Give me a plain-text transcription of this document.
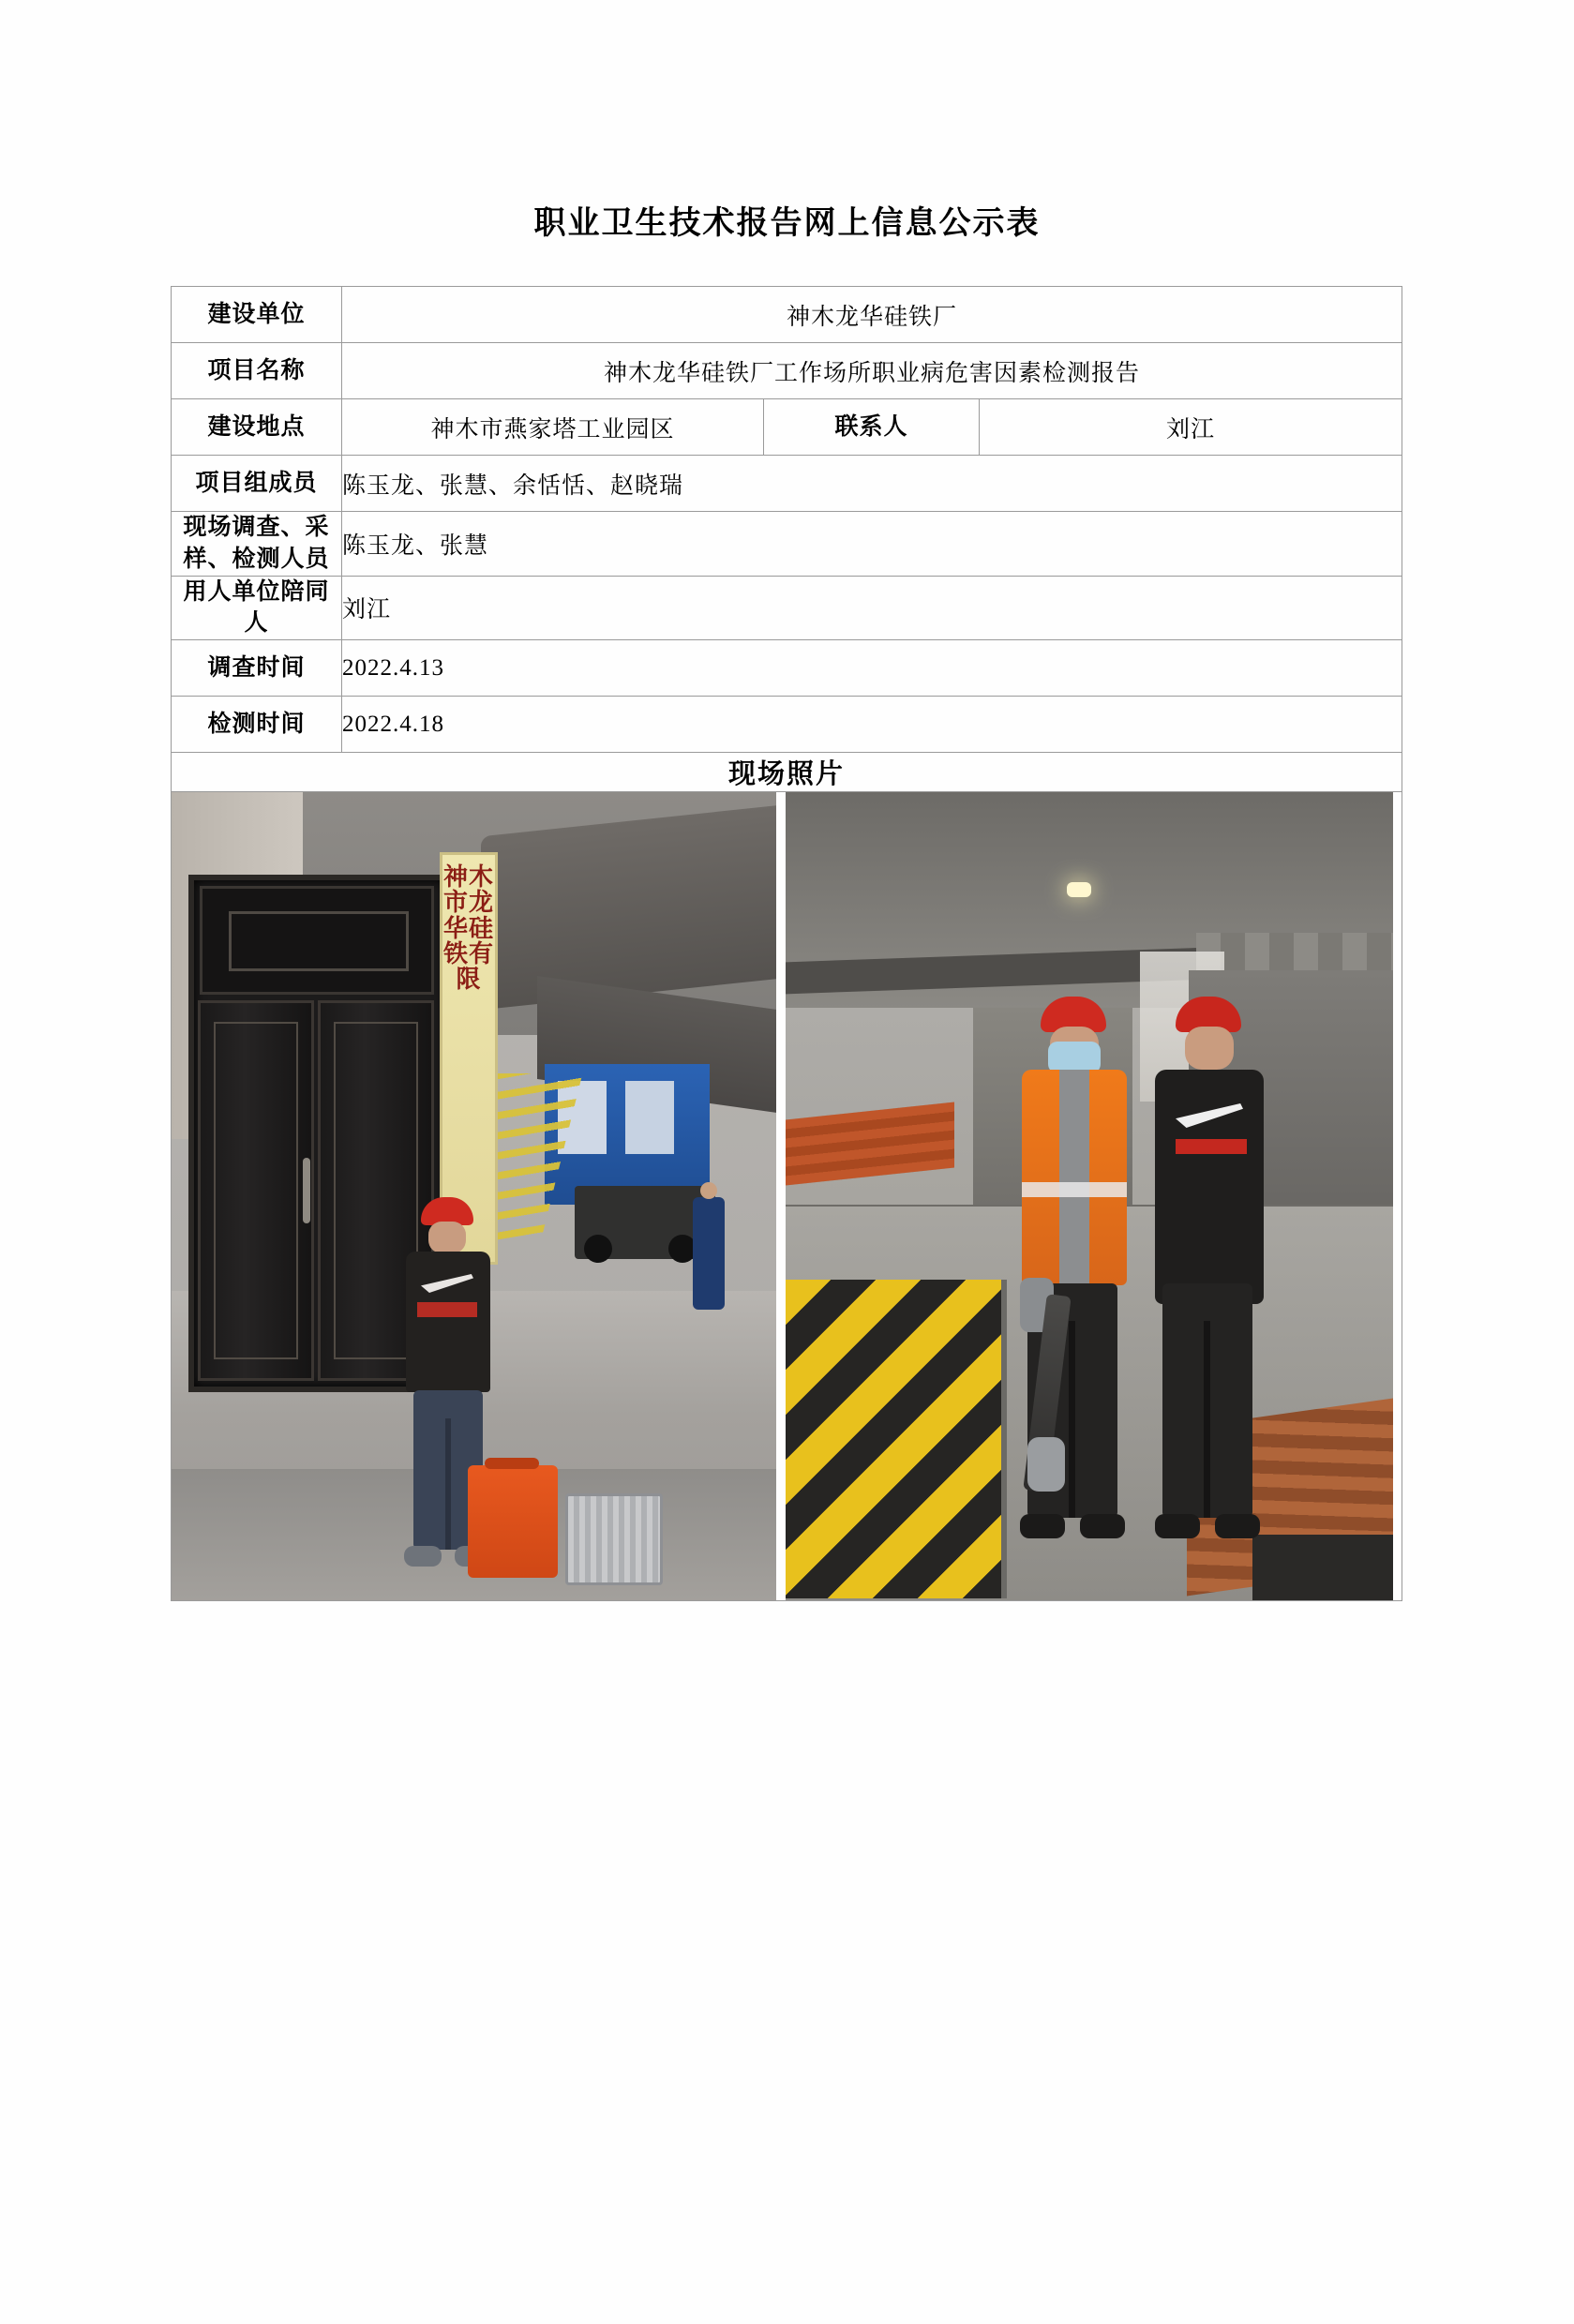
职业卫生技术报告网上信息公示表
建设单位	神木龙华硅铁厂		
项目名称	神木龙华硅铁厂工作场所职业病危害因素检测报告		
建设地点	神木市燕家塔工业园区	联系人	刘江
项目组成员	陈玉龙、张慧、余恬恬、赵晓瑞		
现场调查、采样、检测人员	陈玉龙、张慧		
用人单位陪同人	刘江		
调查时间	2022.4.13		
检测时间	2022.4.18		
现场照片			

神木市龙华硅铁有限			
